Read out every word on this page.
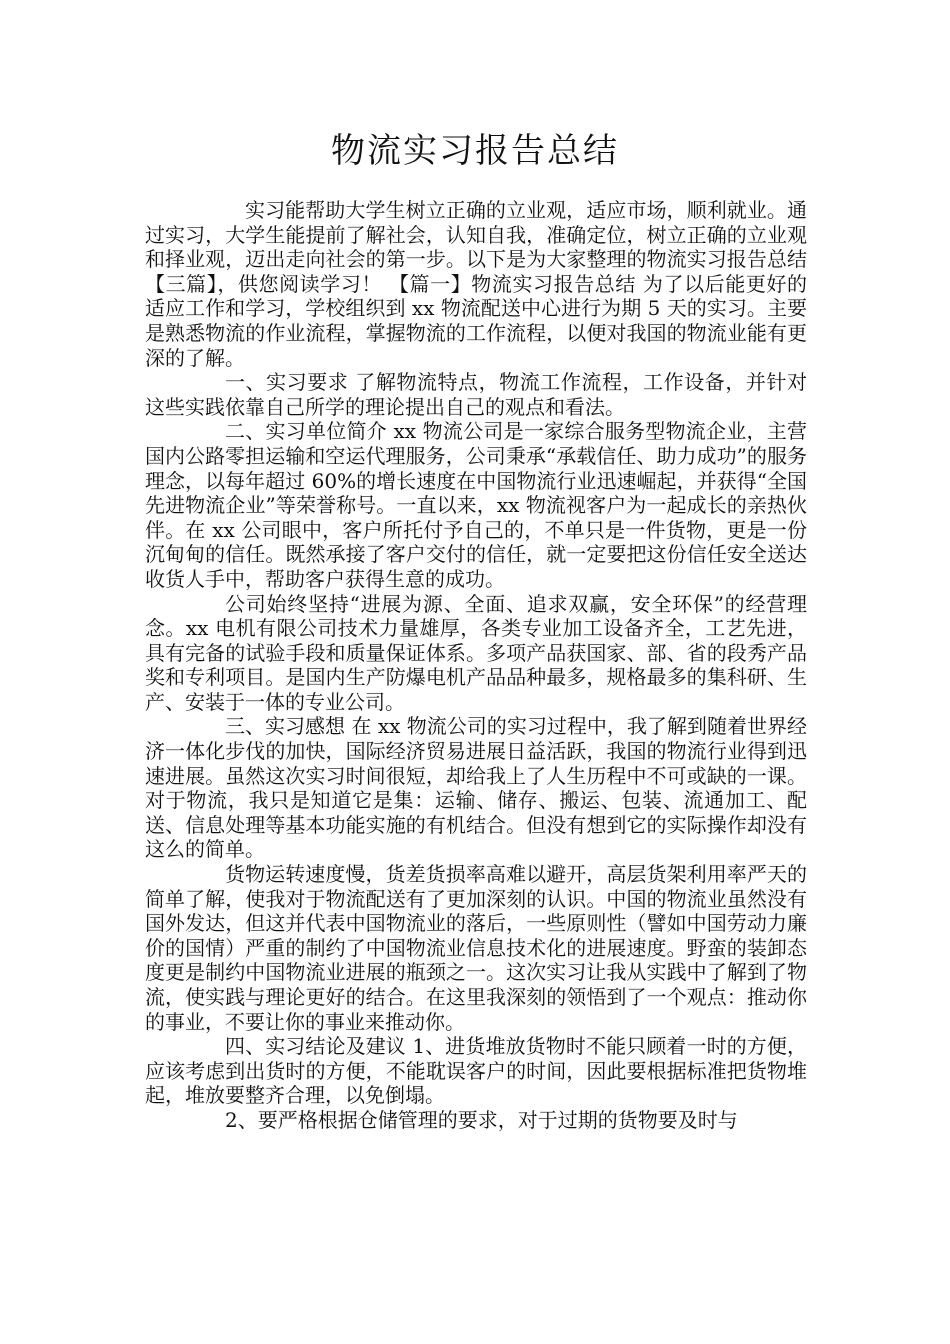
物流实习报告总结

实习能帮助大学生树立正确的立业观，适应市场，顺利就业。通过实习，大学生能提前了解社会，认知自我，准确定位，树立正确的立业观和择业观，迈出走向社会的第一步。以下是为大家整理的物流实习报告总结 【三篇】，供您阅读学习！ 【篇一】物流实习报告总结 为了以后能更好的适应工作和学习，学校组织到 xx 物流配送中心进行为期 5 天的实习。主要是熟悉物流的作业流程，掌握物流的工作流程，以便对我国的物流业能有更深的了解。

一、实习要求 了解物流特点，物流工作流程，工作设备，并针对这些实践依靠自己所学的理论提出自己的观点和看法。

二、实习单位简介 xx 物流公司是一家综合服务型物流企业，主营国内公路零担运输和空运代理服务，公司秉承“承载信任、助力成功”的服务理念，以每年超过 60%的增长速度在中国物流行业迅速崛起，并获得“全国先进物流企业”等荣誉称号。一直以来，xx 物流视客户为一起成长的亲热伙伴。在 xx 公司眼中，客户所托付予自己的，不单只是一件货物，更是一份沉甸甸的信任。既然承接了客户交付的信任，就一定要把这份信任安全送达收货人手中，帮助客户获得生意的成功。

公司始终坚持“进展为源、全面、追求双赢，安全环保”的经营理念。xx 电机有限公司技术力量雄厚，各类专业加工设备齐全，工艺先进，具有完备的试验手段和质量保证体系。多项产品获国家、部、省的段秀产品奖和专利项目。是国内生产防爆电机产品品种最多，规格最多的集科研、生产、安装于一体的专业公司。

三、实习感想 在 xx 物流公司的实习过程中，我了解到随着世界经济一体化步伐的加快，国际经济贸易进展日益活跃，我国的物流行业得到迅速进展。虽然这次实习时间很短，却给我上了人生历程中不可或缺的一课。对于物流，我只是知道它是集：运输、储存、搬运、包装、流通加工、配送、信息处理等基本功能实施的有机结合。但没有想到它的实际操作却没有这么的简单。

货物运转速度慢，货差货损率高难以避开，高层货架利用率严天的简单了解，使我对于物流配送有了更加深刻的认识。中国的物流业虽然没有国外发达，但这并代表中国物流业的落后，一些原则性（譬如中国劳动力廉价的国情）严重的制约了中国物流业信息技术化的进展速度。野蛮的装卸态度更是制约中国物流业进展的瓶颈之一。这次实习让我从实践中了解到了物流，使实践与理论更好的结合。在这里我深刻的领悟到了一个观点：推动你的事业，不要让你的事业来推动你。

四、实习结论及建议 1、进货堆放货物时不能只顾着一时的方便，应该考虑到出货时的方便，不能耽误客户的时间，因此要根据标准把货物堆起，堆放要整齐合理，以免倒塌。

2、要严格根据仓储管理的要求，对于过期的货物要及时与
